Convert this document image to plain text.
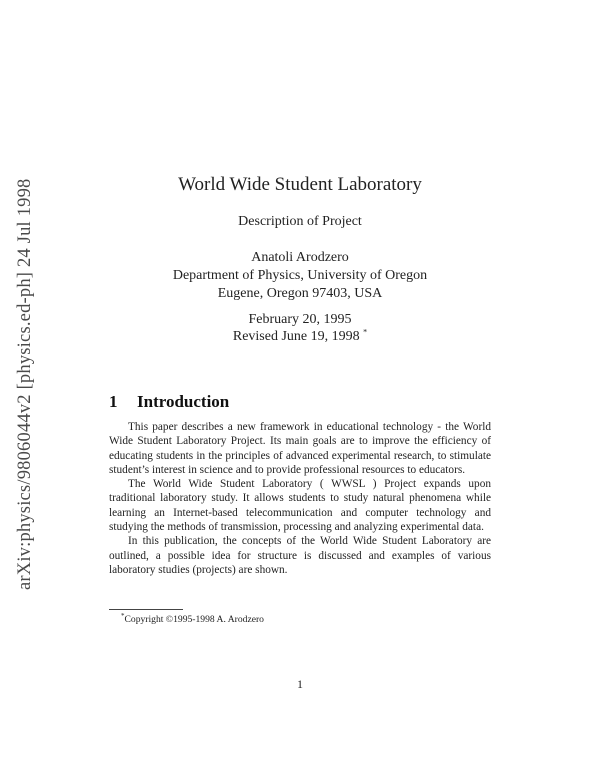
arXiv:physics/9806044v2 [physics.ed-ph] 24 Jul 1998	World Wide Student Laboratory
Description of Project
Anatoli Arodzero
Department of Physics, University of Oregon
Eugene, Oregon 97403, USA
February 20, 1995
Revised June 19, 1998 *
1 Introduction

This paper describes a new framework in educational technology - the World Wide Student Laboratory Project. Its main goals are to improve the efficiency of educating students in the principles of advanced experimental research, to stimulate student’s interest in science and to provide professional resources to educators.

The World Wide Student Laboratory ( WWSL ) Project expands upon traditional laboratory study. It allows students to study natural phenomena while learning an Internet-based telecommunication and computer technology and studying the methods of transmission, processing and analyzing experimental data.

In this publication, the concepts of the World Wide Student Laboratory are outlined, a possible idea for structure is discussed and examples of various laboratory studies (projects) are shown.

*Copyright ©1995-1998 A. Arodzero
1
